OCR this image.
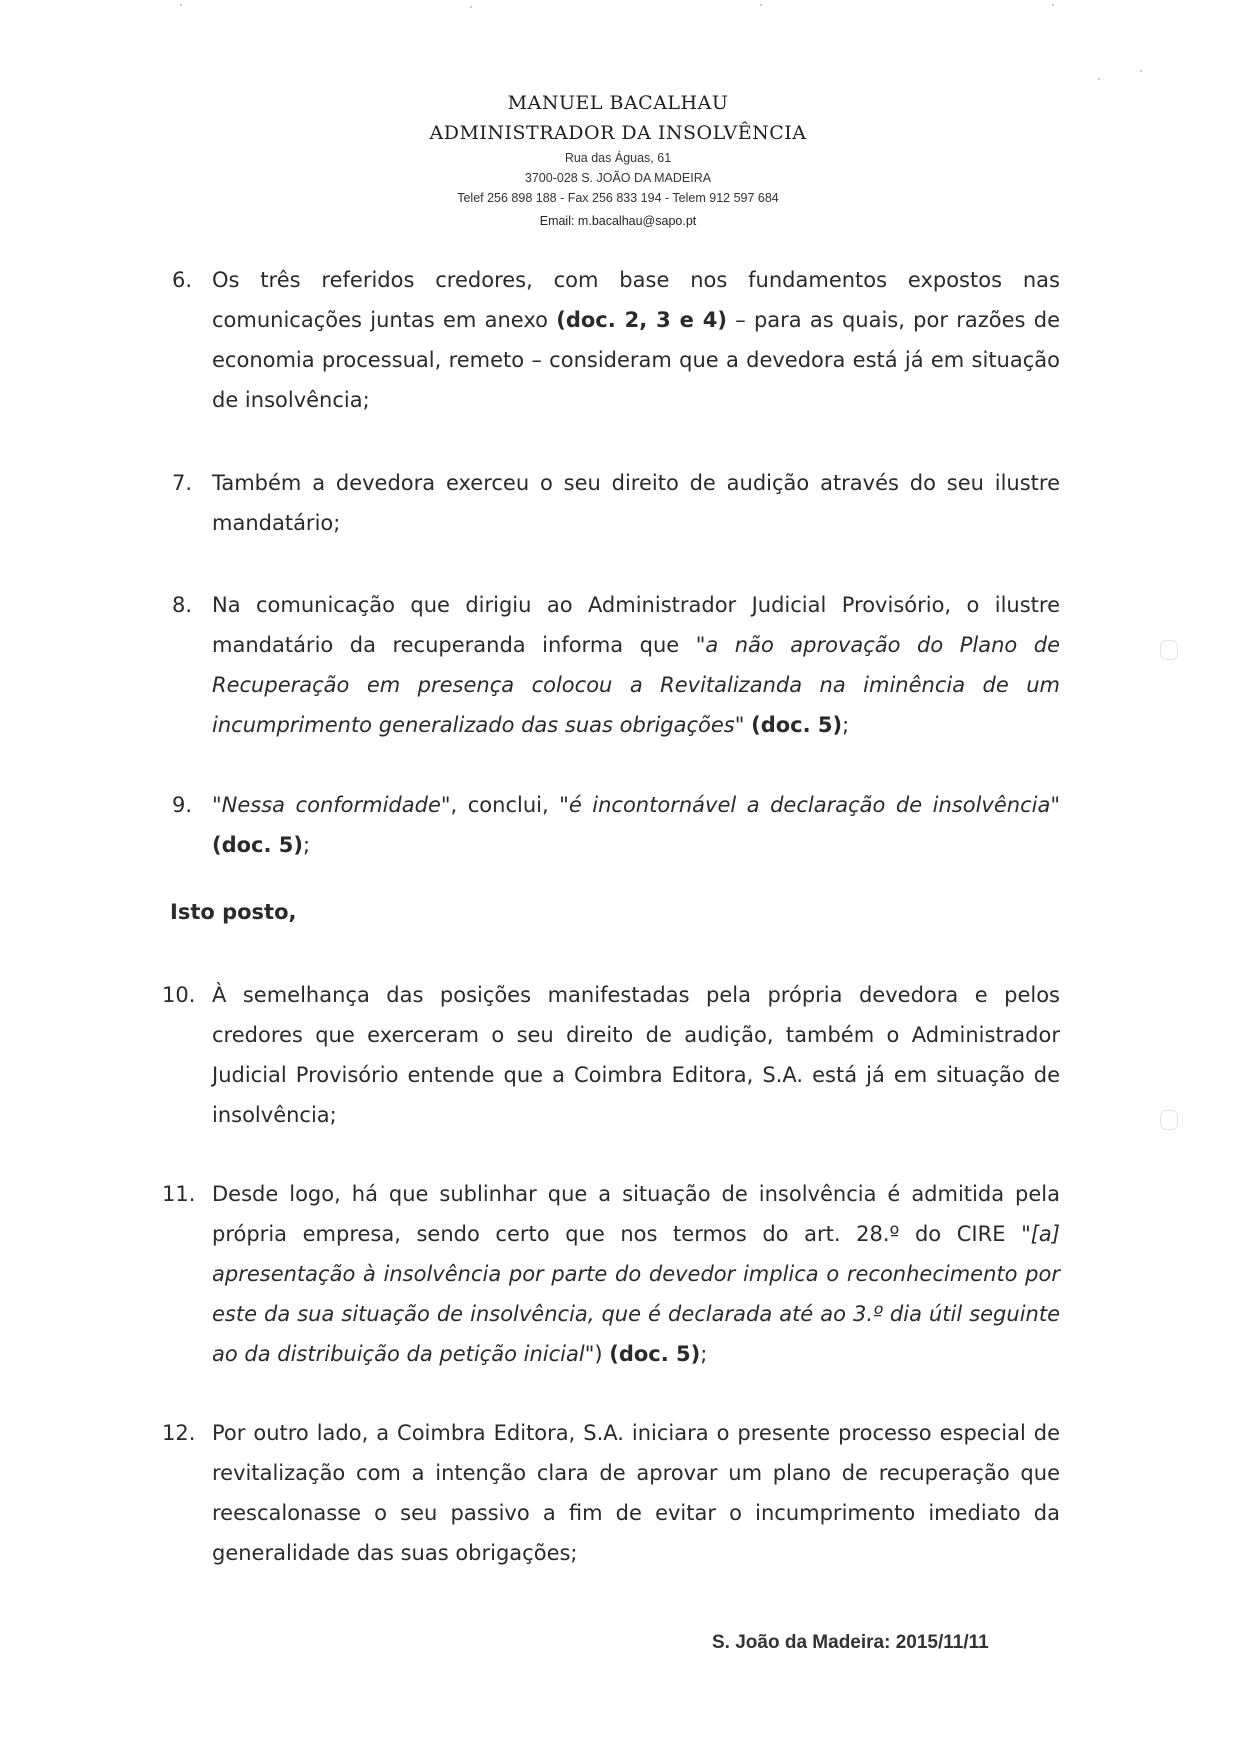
MANUEL BACALHAU
ADMINISTRADOR DA INSOLVÊNCIA
Rua das Águas, 61
3700-028 S. JOÃO DA MADEIRA
Telef 256 898 188 - Fax 256 833 194 - Telem 912 597 684
Email: m.bacalhau@sapo.pt
6. Os três referidos credores, com base nos fundamentos expostos nas comunicações juntas em anexo (doc. 2, 3 e 4) – para as quais, por razões de economia processual, remeto – consideram que a devedora está já em situação de insolvência;
7. Também a devedora exerceu o seu direito de audição através do seu ilustre mandatário;
8. Na comunicação que dirigiu ao Administrador Judicial Provisório, o ilustre mandatário da recuperanda informa que "a não aprovação do Plano de Recuperação em presença colocou a Revitalizanda na iminência de um incumprimento generalizado das suas obrigações" (doc. 5);
9. "Nessa conformidade", conclui, "é incontornável a declaração de insolvência" (doc. 5);
Isto posto,
10. À semelhança das posições manifestadas pela própria devedora e pelos credores que exerceram o seu direito de audição, também o Administrador Judicial Provisório entende que a Coimbra Editora, S.A. está já em situação de insolvência;
11. Desde logo, há que sublinhar que a situação de insolvência é admitida pela própria empresa, sendo certo que nos termos do art. 28.º do CIRE "[a] apresentação à insolvência por parte do devedor implica o reconhecimento por este da sua situação de insolvência, que é declarada até ao 3.º dia útil seguinte ao da distribuição da petição inicial") (doc. 5);
12. Por outro lado, a Coimbra Editora, S.A. iniciara o presente processo especial de revitalização com a intenção clara de aprovar um plano de recuperação que reescalonasse o seu passivo a fim de evitar o incumprimento imediato da generalidade das suas obrigações;
S. João da Madeira: 2015/11/11
